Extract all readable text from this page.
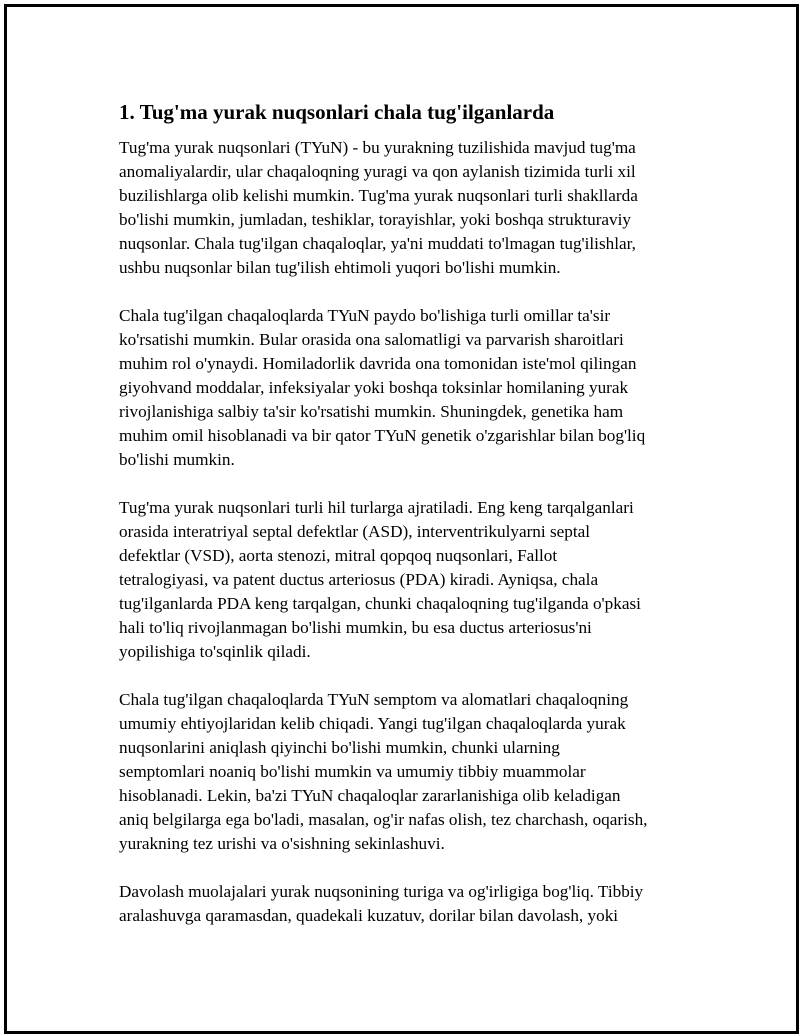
1. Tug'ma yurak nuqsonlari chala tug'ilganlarda
Tug'ma yurak nuqsonlari (TYuN) - bu yurakning tuzilishida mavjud tug'ma
anomaliyalardir, ular chaqaloqning yuragi va qon aylanish tizimida turli xil
buzilishlarga olib kelishi mumkin. Tug'ma yurak nuqsonlari turli shakllarda
bo'lishi mumkin, jumladan, teshiklar, torayishlar, yoki boshqa strukturaviy
nuqsonlar. Chala tug'ilgan chaqaloqlar, ya'ni muddati to'lmagan tug'ilishlar,
ushbu nuqsonlar bilan tug'ilish ehtimoli yuqori bo'lishi mumkin.
Chala tug'ilgan chaqaloqlarda TYuN paydo bo'lishiga turli omillar ta'sir
ko'rsatishi mumkin. Bular orasida ona salomatligi va parvarish sharoitlari
muhim rol o'ynaydi. Homiladorlik davrida ona tomonidan iste'mol qilingan
giyohvand moddalar, infeksiyalar yoki boshqa toksinlar homilaning yurak
rivojlanishiga salbiy ta'sir ko'rsatishi mumkin. Shuningdek, genetika ham
muhim omil hisoblanadi va bir qator TYuN genetik o'zgarishlar bilan bog'liq
bo'lishi mumkin.
Tug'ma yurak nuqsonlari turli hil turlarga ajratiladi. Eng keng tarqalganlari
orasida interatriyal septal defektlar (ASD), interventrikulyarni septal
defektlar (VSD), aorta stenozi, mitral qopqoq nuqsonlari, Fallot
tetralogiyasi, va patent ductus arteriosus (PDA) kiradi. Ayniqsa, chala
tug'ilganlarda PDA keng tarqalgan, chunki chaqaloqning tug'ilganda o'pkasi
hali to'liq rivojlanmagan bo'lishi mumkin, bu esa ductus arteriosus'ni
yopilishiga to'sqinlik qiladi.
Chala tug'ilgan chaqaloqlarda TYuN semptom va alomatlari chaqaloqning
umumiy ehtiyojlaridan kelib chiqadi. Yangi tug'ilgan chaqaloqlarda yurak
nuqsonlarini aniqlash qiyinchi bo'lishi mumkin, chunki ularning
semptomlari noaniq bo'lishi mumkin va umumiy tibbiy muammolar
hisoblanadi. Lekin, ba'zi TYuN chaqaloqlar zararlanishiga olib keladigan
aniq belgilarga ega bo'ladi, masalan, og'ir nafas olish, tez charchash, oqarish,
yurakning tez urishi va o'sishning sekinlashuvi.
Davolash muolajalari yurak nuqsonining turiga va og'irligiga bog'liq. Tibbiy
aralashuvga qaramasdan, quadekali kuzatuv, dorilar bilan davolash, yoki
